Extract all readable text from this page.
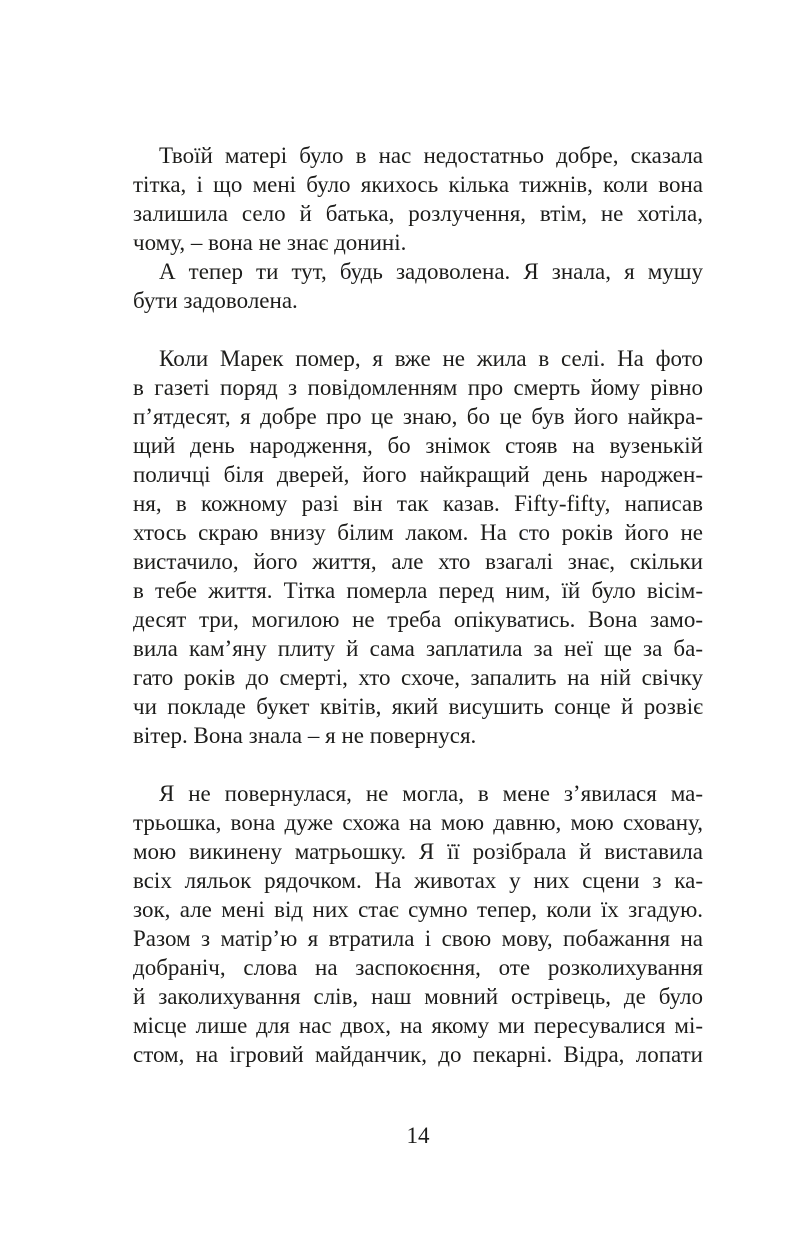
Твоїй матері було в нас недостатньо добре, сказала
тітка, і що мені було якихось кілька тижнів, коли вона
залишила село й батька, розлучення, втім, не хотіла,
чому, – вона не знає донині.
А тепер ти тут, будь задоволена. Я знала, я мушу
бути задоволена.
Коли Марек помер, я вже не жила в селі. На фото
в газеті поряд з повідомленням про смерть йому рівно
п’ятдесят, я добре про це знаю, бо це був його найкра-
щий день народження, бо знімок стояв на вузенькій
поличці біля дверей, його найкращий день народжен-
ня, в кожному разі він так казав. Fifty-fifty, написав
хтось скраю внизу білим лаком. На сто років його не
вистачило, його життя, але хто взагалі знає, скільки
в тебе життя. Тітка померла перед ним, їй було вісім-
десят три, могилою не треба опікуватись. Вона замо-
вила кам’яну плиту й сама заплатила за неї ще за ба-
гато років до смерті, хто схоче, запалить на ній свічку
чи покладе букет квітів, який висушить сонце й розвіє
вітер. Вона знала – я не повернуся.
Я не повернулася, не могла, в мене з’явилася ма-
трьошка, вона дуже схожа на мою давню, мою сховану,
мою викинену матрьошку. Я її розібрала й виставила
всіх ляльок рядочком. На животах у них сцени з ка-
зок, але мені від них стає сумно тепер, коли їх згадую.
Разом з матір’ю я втратила і свою мову, побажання на
добраніч, слова на заспокоєння, оте розколихування
й заколихування слів, наш мовний острівець, де було
місце лише для нас двох, на якому ми пересувалися мі-
стом, на ігровий майданчик, до пекарні. Відра, лопати
14
